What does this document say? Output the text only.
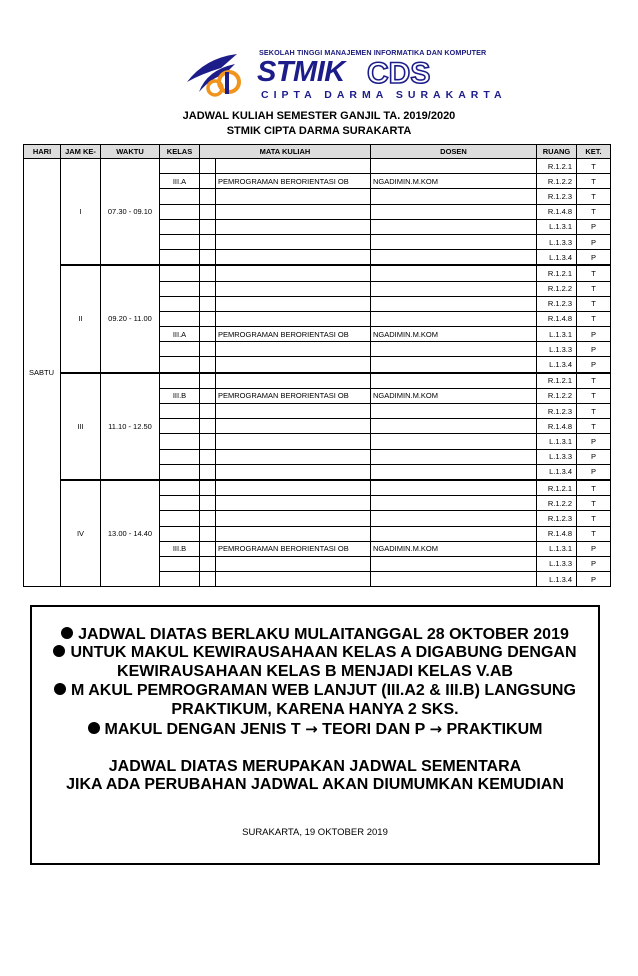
SEKOLAH TINGGI MANAJEMEN INFORMATIKA DAN KOMPUTER
STMIK CDS
CIPTA DARMA SURAKARTA
JADWAL KULIAH SEMESTER GANJIL TA. 2019/2020
STMIK CIPTA DARMA SURAKARTA
HARI	JAM KE-	WAKTU	KELAS	MATA KULIAH		DOSEN	RUANG	KET.
SABTU	I	07.30 - 09.10					R.1.2.1	T
			III.A		PEMROGRAMAN BERORIENTASI OB	NGADIMIN.M.KOM	R.1.2.2	T
							R.1.2.3	T
							R.1.4.8	T
							L.1.3.1	P
							L.1.3.3	P
							L.1.3.4	P
	II	09.20 - 11.00					R.1.2.1	T
							R.1.2.2	T
							R.1.2.3	T
							R.1.4.8	T
			III.A		PEMROGRAMAN BERORIENTASI OB	NGADIMIN.M.KOM	L.1.3.1	P
							L.1.3.3	P
							L.1.3.4	P
	III	11.10 - 12.50					R.1.2.1	T
			III.B		PEMROGRAMAN BERORIENTASI OB	NGADIMIN.M.KOM	R.1.2.2	T
							R.1.2.3	T
							R.1.4.8	T
							L.1.3.1	P
							L.1.3.3	P
							L.1.3.4	P
	IV	13.00 - 14.40					R.1.2.1	T
							R.1.2.2	T
							R.1.2.3	T
							R.1.4.8	T
			III.B		PEMROGRAMAN BERORIENTASI OB	NGADIMIN.M.KOM	L.1.3.1	P
							L.1.3.3	P
							L.1.3.4	P
JADWAL DIATAS BERLAKU MULAITANGGAL 28 OKTOBER 2019
UNTUK MAKUL KEWIRAUSAHAAN KELAS A DIGABUNG DENGAN
KEWIRAUSAHAAN KELAS B MENJADI KELAS V.AB
M AKUL PEMROGRAMAN WEB LANJUT (III.A2 & III.B) LANGSUNG
PRAKTIKUM, KARENA HANYA 2 SKS.
MAKUL DENGAN JENIS T → TEORI DAN P → PRAKTIKUM
JADWAL DIATAS MERUPAKAN JADWAL SEMENTARA
JIKA ADA PERUBAHAN JADWAL AKAN DIUMUMKAN KEMUDIAN
SURAKARTA, 19 OKTOBER 2019
